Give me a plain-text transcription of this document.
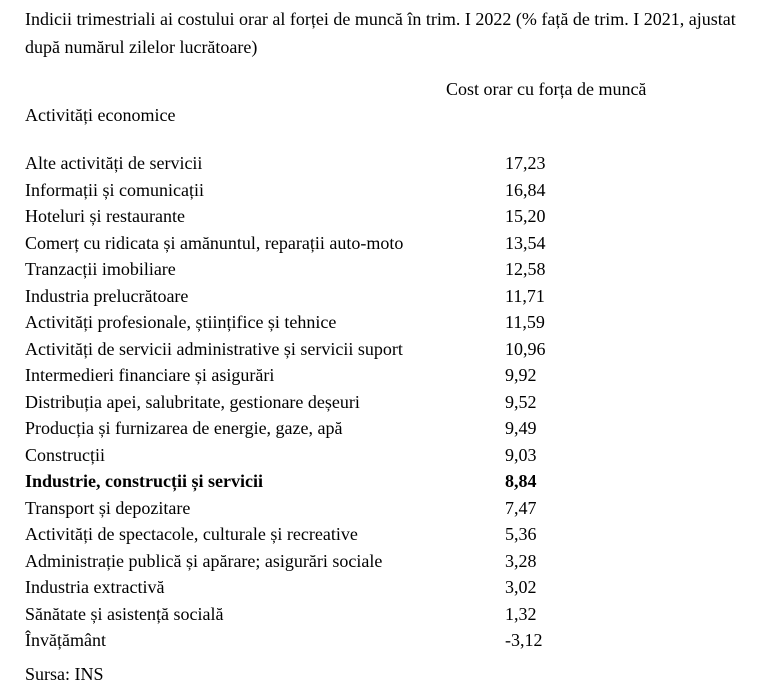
Indicii trimestriali ai costului orar al forței de muncă în trim. I 2022 (% față de trim. I 2021, ajustat după numărul zilelor lucrătoare)
Cost orar cu forța de muncă
Activități economice
Alte activități de servicii	17,23
Informații și comunicații	16,84
Hoteluri și restaurante	15,20
Comerț cu ridicata și amănuntul, reparații auto-moto	13,54
Tranzacții imobiliare	12,58
Industria prelucrătoare	11,71
Activități profesionale, științifice și tehnice	11,59
Activități de servicii administrative și servicii suport	10,96
Intermedieri financiare și asigurări	9,92
Distribuția apei, salubritate, gestionare deșeuri	9,52
Producția și furnizarea de energie, gaze, apă	9,49
Construcții	9,03
Industrie, construcții și servicii	8,84
Transport și depozitare	7,47
Activități de spectacole, culturale și recreative	5,36
Administrație publică și apărare; asigurări sociale	3,28
Industria extractivă	3,02
Sănătate și asistență socială	1,32
Învățământ	-3,12
Sursa: INS
